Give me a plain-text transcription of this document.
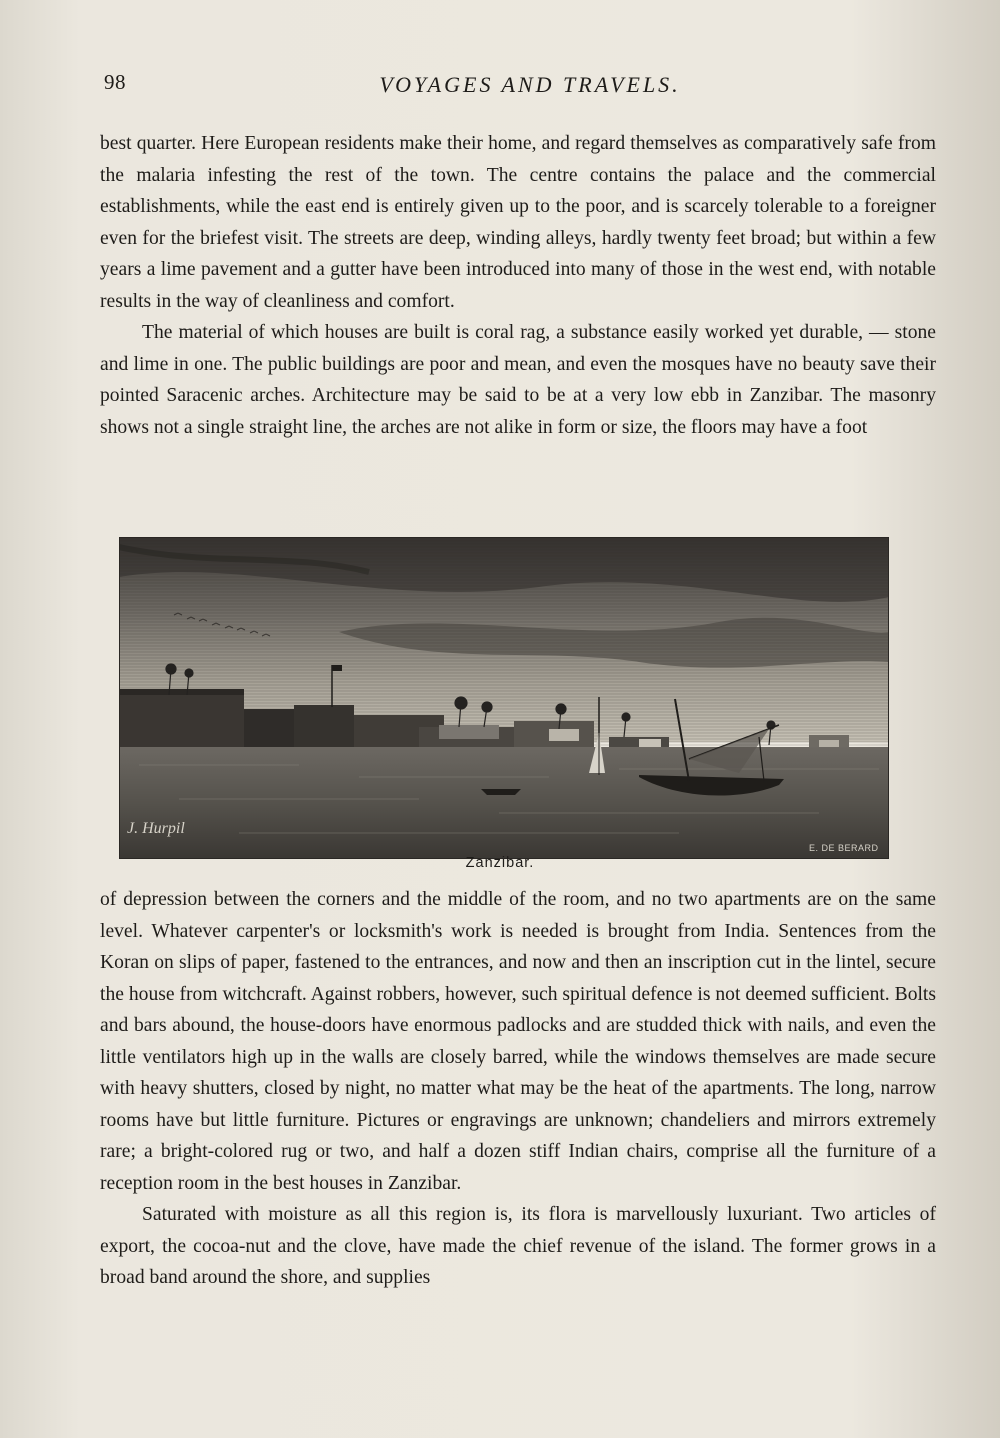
98	VOYAGES AND TRAVELS.

best quarter. Here European residents make their home, and regard themselves as comparatively safe from the malaria infesting the rest of the town. The centre contains the palace and the commercial establishments, while the east end is entirely given up to the poor, and is scarcely tolerable to a foreigner even for the briefest visit. The streets are deep, winding alleys, hardly twenty feet broad; but within a few years a lime pavement and a gutter have been introduced into many of those in the west end, with notable results in the way of cleanliness and comfort.

The material of which houses are built is coral rag, a substance easily worked yet durable, — stone and lime in one. The public buildings are poor and mean, and even the mosques have no beauty save their pointed Saracenic arches. Architecture may be said to be at a very low ebb in Zanzibar. The masonry shows not a single straight line, the arches are not alike in form or size, the floors may have a foot

J. Hurpil
E. DE BERARD
Zanzibar.

of depression between the corners and the middle of the room, and no two apartments are on the same level. Whatever carpenter's or locksmith's work is needed is brought from India. Sentences from the Koran on slips of paper, fastened to the entrances, and now and then an inscription cut in the lintel, secure the house from witchcraft. Against robbers, however, such spiritual defence is not deemed sufficient. Bolts and bars abound, the house-doors have enormous padlocks and are studded thick with nails, and even the little ventilators high up in the walls are closely barred, while the windows themselves are made secure with heavy shutters, closed by night, no matter what may be the heat of the apartments. The long, narrow rooms have but little furniture. Pictures or engravings are unknown; chandeliers and mirrors extremely rare; a bright-colored rug or two, and half a dozen stiff Indian chairs, comprise all the furniture of a reception room in the best houses in Zanzibar.

Saturated with moisture as all this region is, its flora is marvellously luxuriant. Two articles of export, the cocoa-nut and the clove, have made the chief revenue of the island. The former grows in a broad band around the shore, and supplies
